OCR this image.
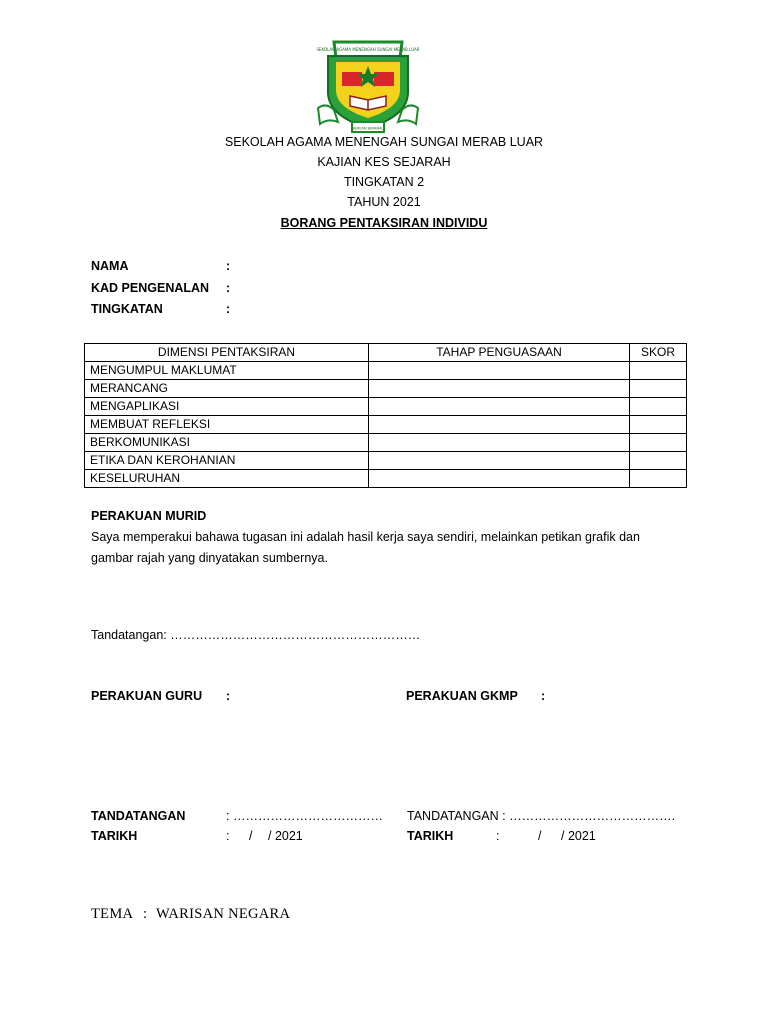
SEKOLAH AGAMA MENENGAH SUNGAI MERAB LUAR
BERILMU BERAMAL
SEKOLAH AGAMA MENENGAH SUNGAI MERAB LUAR
KAJIAN KES SEJARAH
TINGKATAN 2
TAHUN 2021
BORANG PENTAKSIRAN INDIVIDU
NAMA	:
KAD PENGENALAN :
TINGKATAN	:
DIMENSI PENTAKSIRAN	TAHAP PENGUASAAN	SKOR
MENGUMPUL MAKLUMAT		
MERANCANG		
MENGAPLIKASI		
MEMBUAT REFLEKSI		
BERKOMUNIKASI		
ETIKA DAN KEROHANIAN		
KESELURUHAN		
PERAKUAN MURID
Saya memperakui bahawa tugasan ini adalah hasil kerja saya sendiri, melainkan petikan grafik dan
gambar rajah yang dinyatakan sumbernya.
Tandatangan: ……………………………………………………
PERAKUAN GURU :	PERAKUAN GKMP :
TANDATANGAN	: ………………………………
TARIKH	: / / 2021
TANDATANGAN : ………………………………….
TARIKH	:	/ / 2021
TEMA : WARISAN NEGARA
